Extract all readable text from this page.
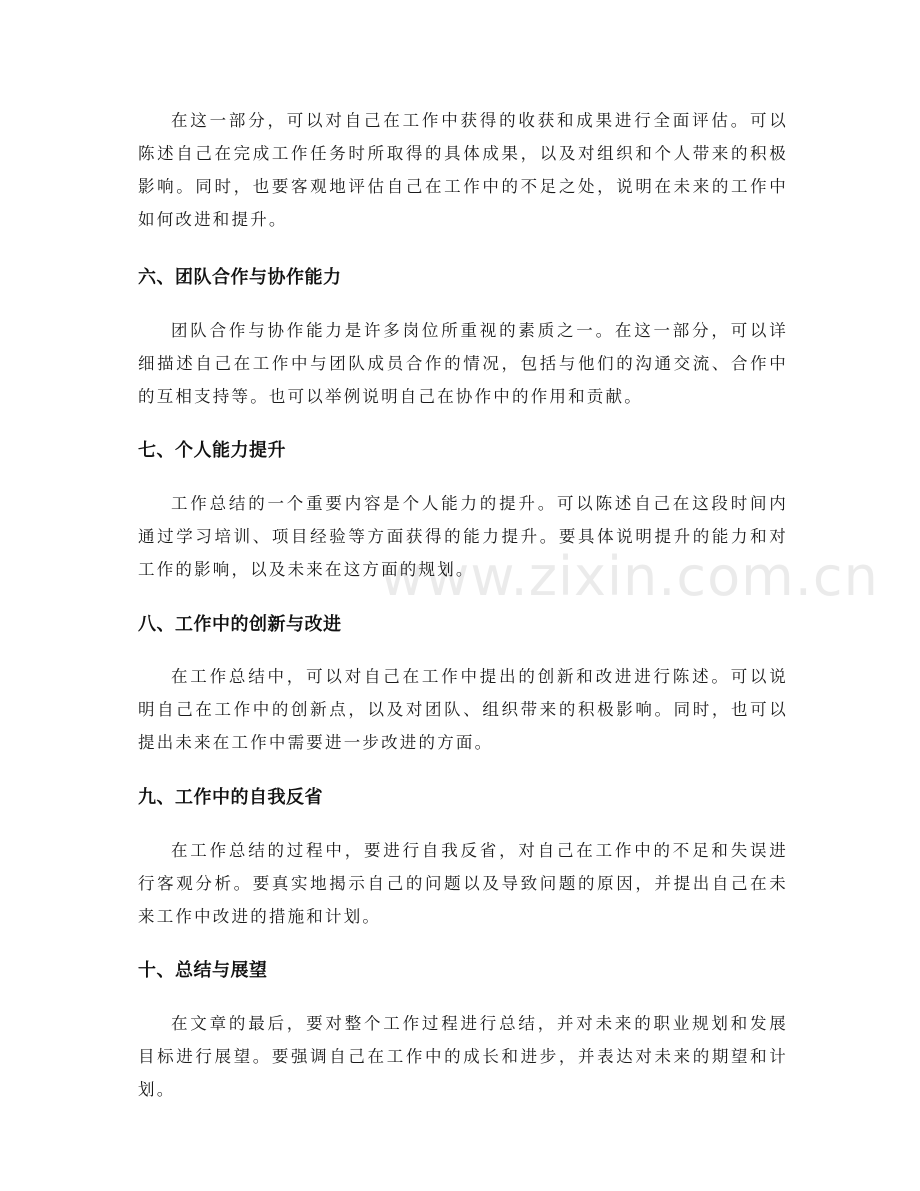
在这一部分，可以对自己在工作中获得的收获和成果进行全面评估。可以陈述自己在完成工作任务时所取得的具体成果，以及对组织和个人带来的积极影响。同时，也要客观地评估自己在工作中的不足之处，说明在未来的工作中如何改进和提升。

六、团队合作与协作能力

团队合作与协作能力是许多岗位所重视的素质之一。在这一部分，可以详细描述自己在工作中与团队成员合作的情况，包括与他们的沟通交流、合作中的互相支持等。也可以举例说明自己在协作中的作用和贡献。

七、个人能力提升

工作总结的一个重要内容是个人能力的提升。可以陈述自己在这段时间内通过学习培训、项目经验等方面获得的能力提升。要具体说明提升的能力和对工作的影响，以及未来在这方面的规划。

八、工作中的创新与改进

在工作总结中，可以对自己在工作中提出的创新和改进进行陈述。可以说明自己在工作中的创新点，以及对团队、组织带来的积极影响。同时，也可以提出未来在工作中需要进一步改进的方面。

九、工作中的自我反省

在工作总结的过程中，要进行自我反省，对自己在工作中的不足和失误进行客观分析。要真实地揭示自己的问题以及导致问题的原因，并提出自己在未来工作中改进的措施和计划。

十、总结与展望

在文章的最后，要对整个工作过程进行总结，并对未来的职业规划和发展目标进行展望。要强调自己在工作中的成长和进步，并表达对未来的期望和计划。

www.zixin.com.cn
